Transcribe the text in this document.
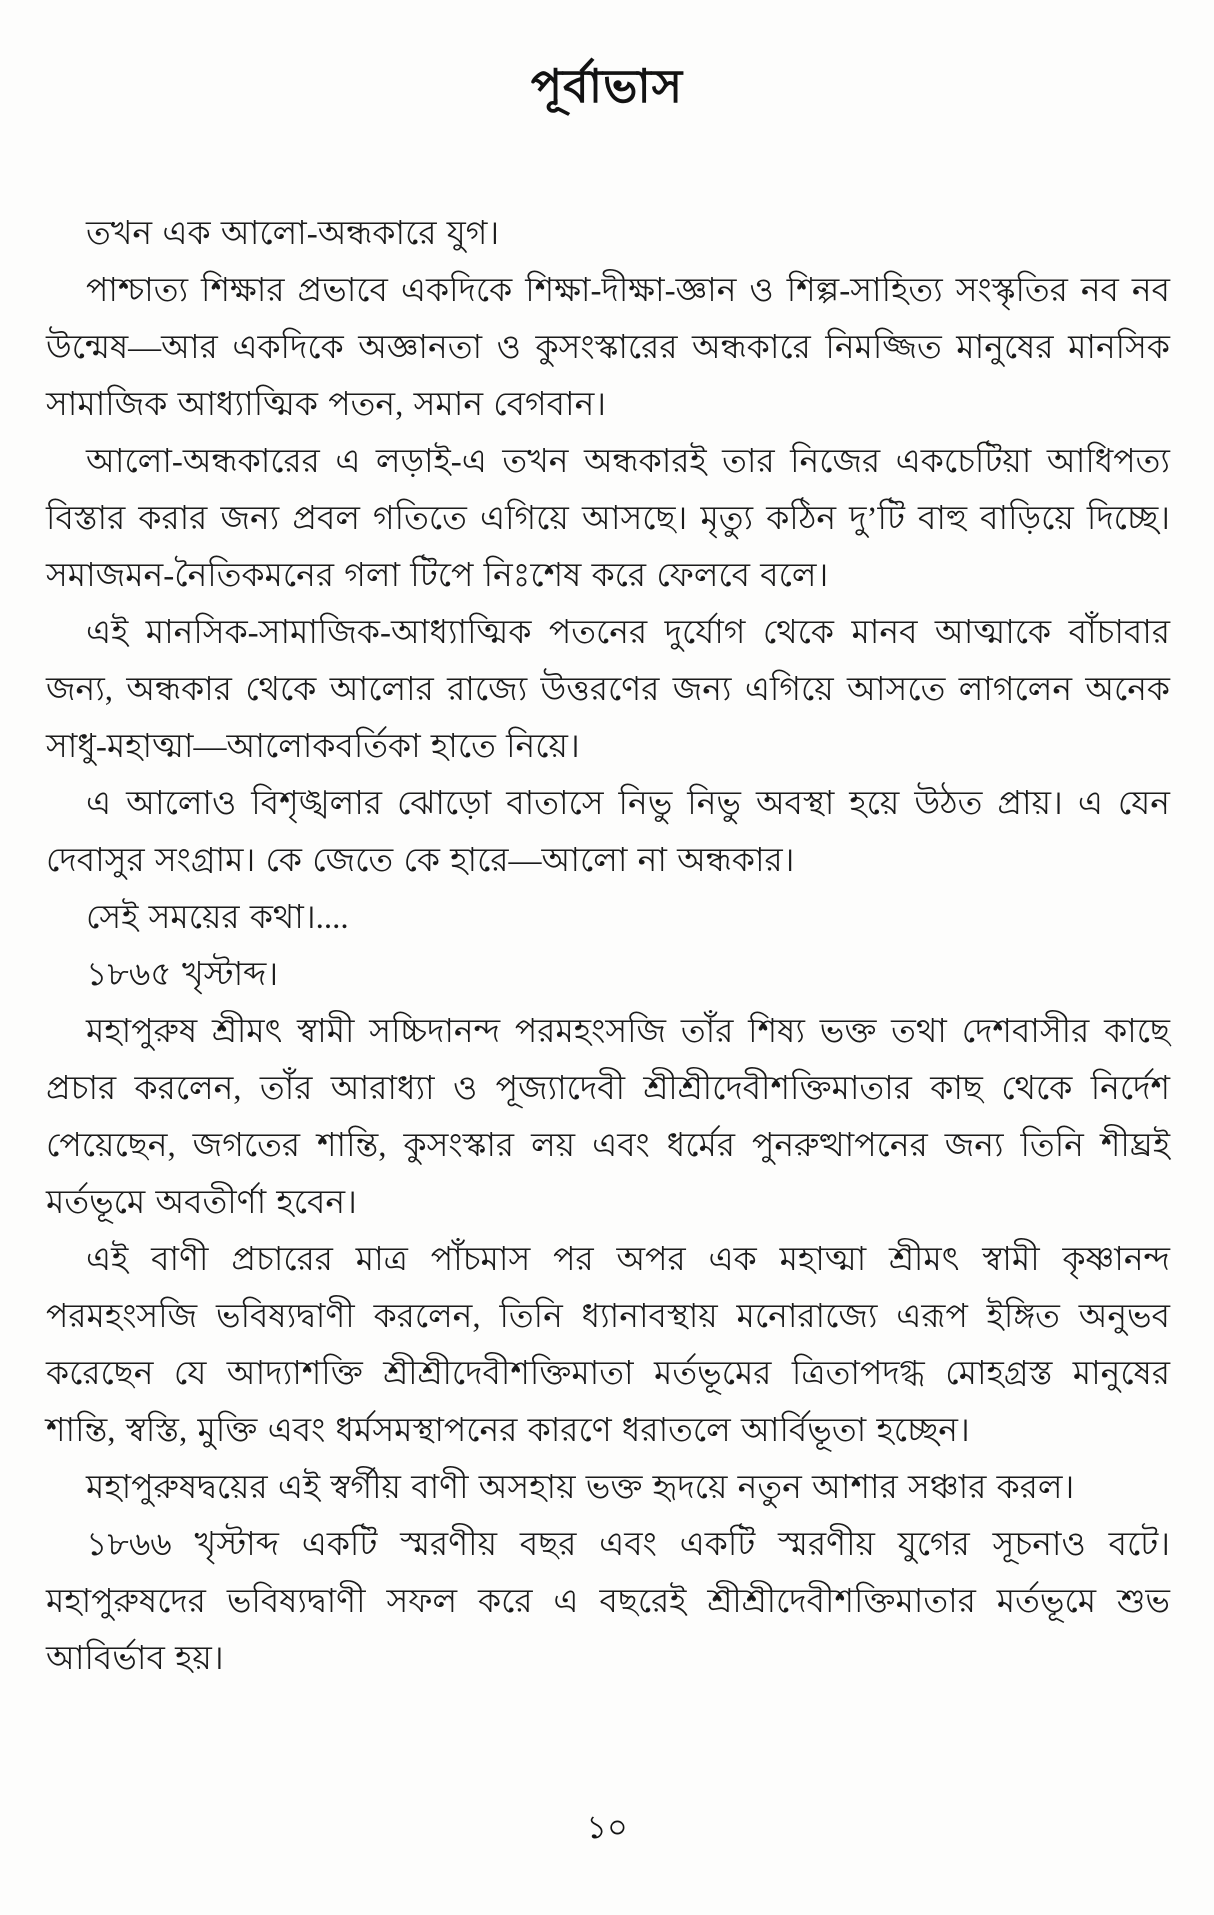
পূর্বাভাস

তখন এক আলো-অন্ধকারে যুগ।

পাশ্চাত্য শিক্ষার প্রভাবে একদিকে শিক্ষা-দীক্ষা-জ্ঞান ও শিল্প-সাহিত্য সংস্কৃতির নব নব উন্মেষ—আর একদিকে অজ্ঞানতা ও কুসংস্কারের অন্ধকারে নিমজ্জিত মানুষের মানসিক সামাজিক আধ্যাত্মিক পতন, সমান বেগবান।

আলো-অন্ধকারের এ লড়াই-এ তখন অন্ধকারই তার নিজের একচেটিয়া আধিপত্য বিস্তার করার জন্য প্রবল গতিতে এগিয়ে আসছে। মৃত্যু কঠিন দু’টি বাহু বাড়িয়ে দিচ্ছে। সমাজমন-নৈতিকমনের গলা টিপে নিঃশেষ করে ফেলবে বলে।

এই মানসিক-সামাজিক-আধ্যাত্মিক পতনের দুর্যোগ থেকে মানব আত্মাকে বাঁচাবার জন্য, অন্ধকার থেকে আলোর রাজ্যে উত্তরণের জন্য এগিয়ে আসতে লাগলেন অনেক সাধু-মহাত্মা—আলোকবর্তিকা হাতে নিয়ে।

এ আলোও বিশৃঙ্খলার ঝোড়ো বাতাসে নিভু নিভু অবস্থা হয়ে উঠত প্রায়। এ যেন দেবাসুর সংগ্রাম। কে জেতে কে হারে—আলো না অন্ধকার।

সেই সময়ের কথা।....

১৮৬৫ খৃস্টাব্দ।

মহাপুরুষ শ্রীমৎ স্বামী সচ্চিদানন্দ পরমহংসজি তাঁর শিষ্য ভক্ত তথা দেশবাসীর কাছে প্রচার করলেন, তাঁর আরাধ্যা ও পূজ্যাদেবী শ্রীশ্রীদেবীশক্তিমাতার কাছ থেকে নির্দেশ পেয়েছেন, জগতের শান্তি, কুসংস্কার লয় এবং ধর্মের পুনরুত্থাপনের জন্য তিনি শীঘ্রই মর্তভূমে অবতীর্ণা হবেন।

এই বাণী প্রচারের মাত্র পাঁচমাস পর অপর এক মহাত্মা শ্রীমৎ স্বামী কৃষ্ণানন্দ পরমহংসজি ভবিষ্যদ্বাণী করলেন, তিনি ধ্যানাবস্থায় মনোরাজ্যে এরূপ ইঙ্গিত অনুভব করেছেন যে আদ্যাশক্তি শ্রীশ্রীদেবীশক্তিমাতা মর্তভূমের ত্রিতাপদগ্ধ মোহগ্রস্ত মানুষের শান্তি, স্বস্তি, মুক্তি এবং ধর্মসমস্থাপনের কারণে ধরাতলে আর্বিভূতা হচ্ছেন।

মহাপুরুষদ্বয়ের এই স্বর্গীয় বাণী অসহায় ভক্ত হৃদয়ে নতুন আশার সঞ্চার করল।

১৮৬৬ খৃস্টাব্দ একটি স্মরণীয় বছর এবং একটি স্মরণীয় যুগের সূচনাও বটে। মহাপুরুষদের ভবিষ্যদ্বাণী সফল করে এ বছরেই শ্রীশ্রীদেবীশক্তিমাতার মর্তভূমে শুভ আবির্ভাব হয়।

১০
